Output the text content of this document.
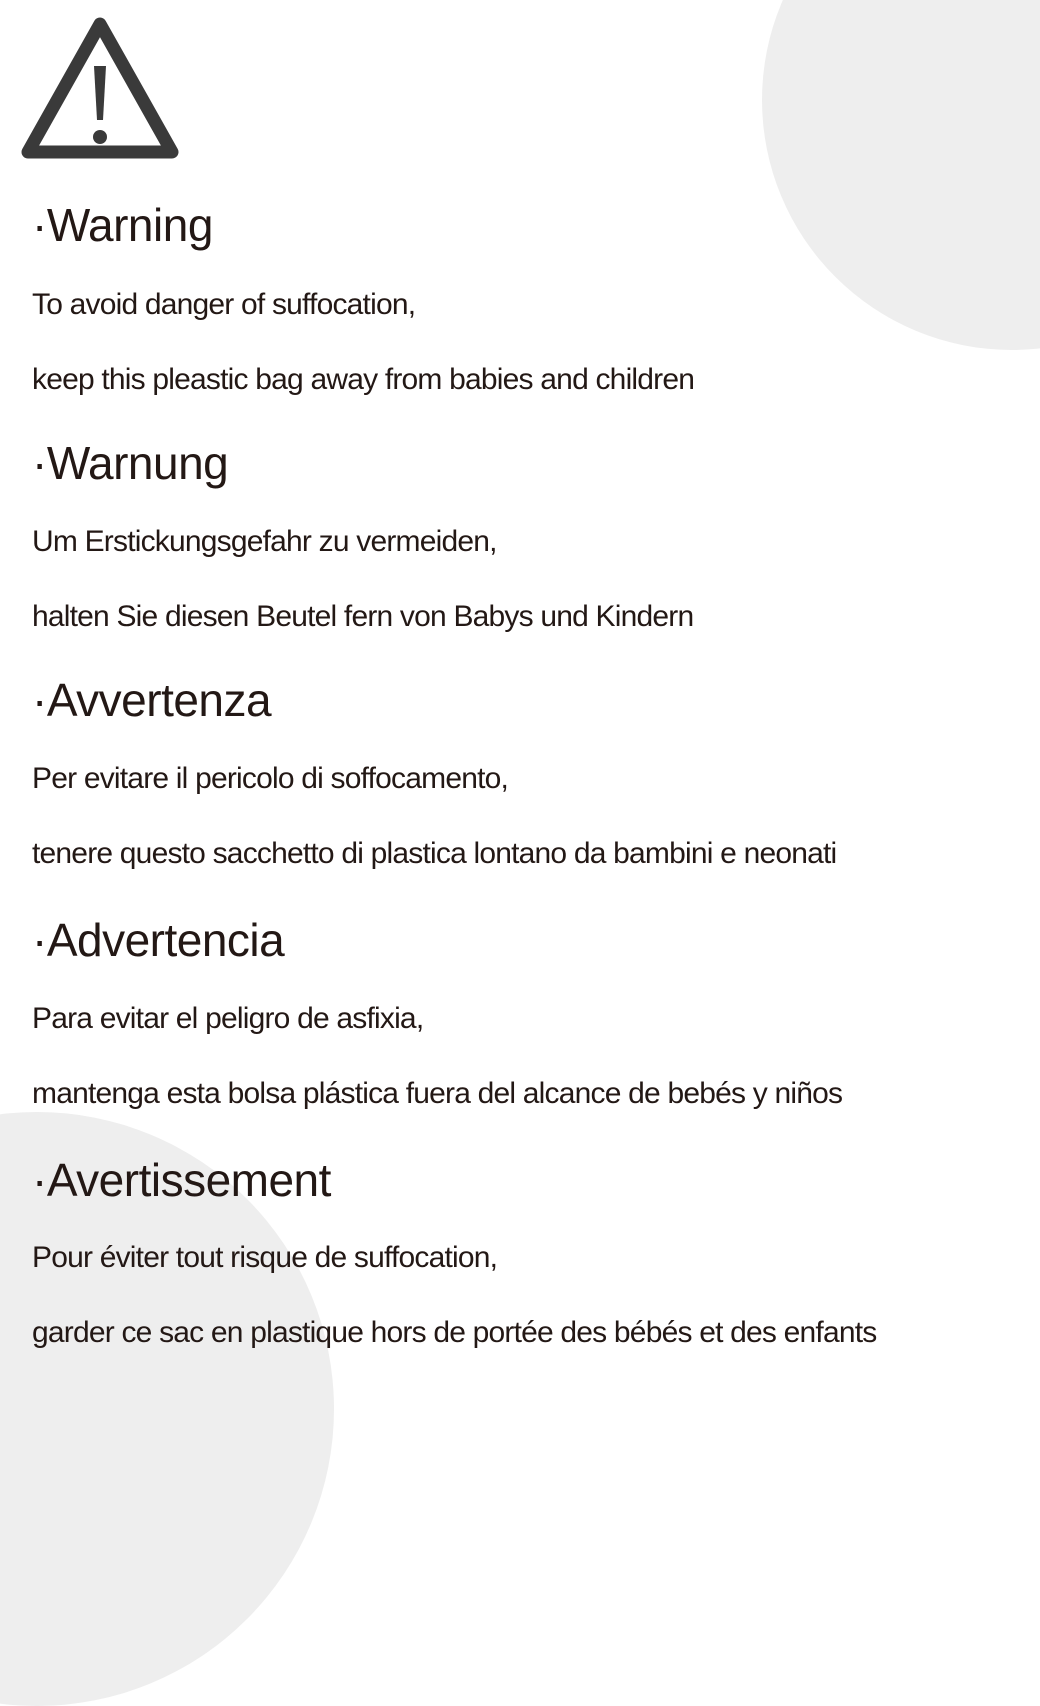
·Warning

To avoid danger of suffocation,

keep this pleastic bag away from babies and children

·Warnung

Um Erstickungsgefahr zu vermeiden,

halten Sie diesen Beutel fern von Babys und Kindern

·Avvertenza

Per evitare il pericolo di soffocamento,

tenere questo sacchetto di plastica lontano da bambini e neonati

·Advertencia

Para evitar el peligro de asfixia,

mantenga esta bolsa plástica fuera del alcance de bebés y niños

·Avertissement

Pour éviter tout risque de suffocation,

garder ce sac en plastique hors de portée des bébés et des enfants
